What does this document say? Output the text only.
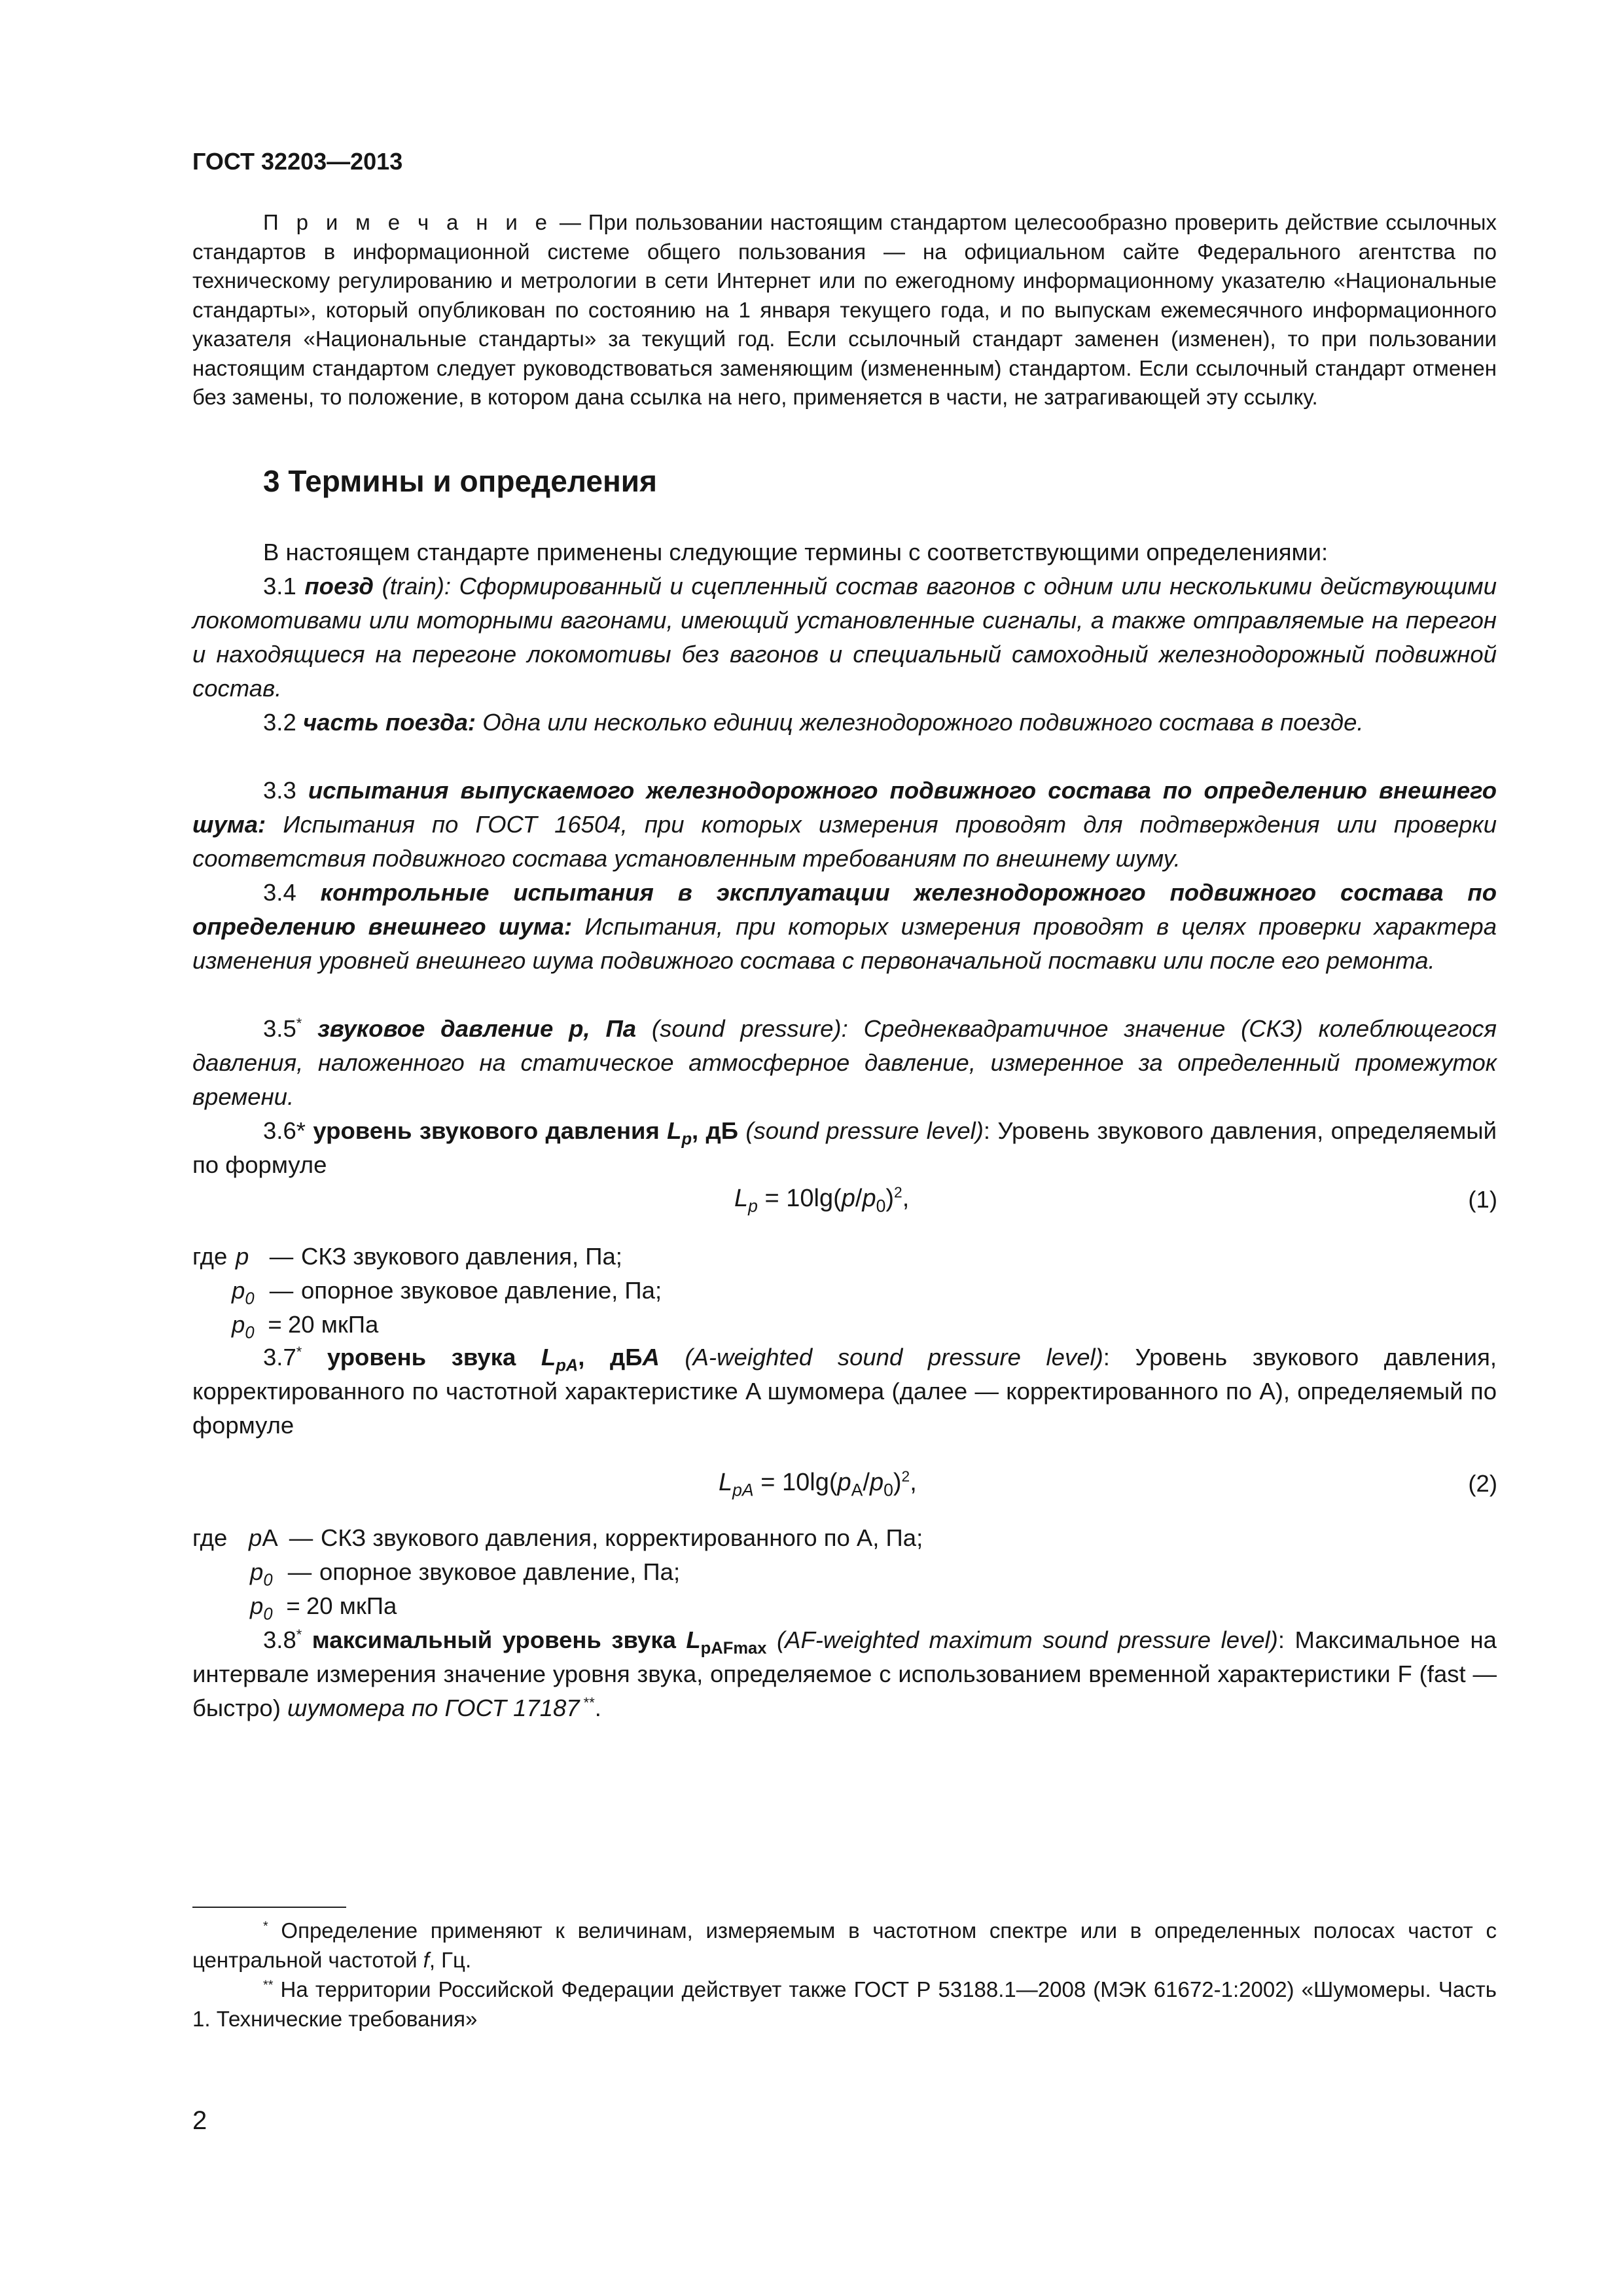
ГОСТ 32203—2013
П р и м е ч а н и е — При пользовании настоящим стандартом целесообразно проверить действие ссылочных стандартов в информационной системе общего пользования — на официальном сайте Федерального агентства по техническому регулированию и метрологии в сети Интернет или по ежегодному информационному указателю «Национальные стандарты», который опубликован по состоянию на 1 января текущего года, и по выпускам ежемесячного информационного указателя «Национальные стандарты» за текущий год. Если ссылочный стандарт заменен (изменен), то при пользовании настоящим стандартом следует руководствоваться заменяющим (измененным) стандартом. Если ссылочный стандарт отменен без замены, то положение, в котором дана ссылка на него, применяется в части, не затрагивающей эту ссылку.
3 Термины и определения
В настоящем стандарте применены следующие термины с соответствующими определениями:
3.1 поезд (train): Сформированный и сцепленный состав вагонов с одним или несколькими действующими локомотивами или моторными вагонами, имеющий установленные сигналы, а также отправляемые на перегон и находящиеся на перегоне локомотивы без вагонов и специальный самоходный железнодорожный подвижной состав.
3.2 часть поезда: Одна или несколько единиц железнодорожного подвижного состава в поезде.
3.3 испытания выпускаемого железнодорожного подвижного состава по определению внешнего шума: Испытания по ГОСТ 16504, при которых измерения проводят для подтверждения или проверки соответствия подвижного состава установленным требованиям по внешнему шуму.
3.4 контрольные испытания в эксплуатации железнодорожного подвижного состава по определению внешнего шума: Испытания, при которых измерения проводят в целях проверки характера изменения уровней внешнего шума подвижного состава с первоначальной поставки или после его ремонта.
3.5* звуковое давление p, Па (sound pressure): Среднеквадратичное значение (СКЗ) колеблющегося давления, наложенного на статическое атмосферное давление, измеренное за определенный промежуток времени.
3.6* уровень звукового давления $L_p$, дБ (sound pressure level): Уровень звукового давления, определяемый по формуле
$L_p = 10\lg(p/p_0)^2$,	(1)
где p — СКЗ звукового давления, Па;
$p_0$ — опорное звуковое давление, Па;
$p_0 = 20$ мкПа
3.7* уровень звука $L_{pA}$, дБA (A-weighted sound pressure level): Уровень звукового давления, корректированного по частотной характеристике A шумомера (далее — корректированного по A), определяемый по формуле
$L_{pA} = 10\lg(p_A/p_0)^2$,	(2)
где pA — СКЗ звукового давления, корректированного по A, Па;
$p_0$ — опорное звуковое давление, Па;
$p_0 = 20$ мкПа
3.8* максимальный уровень звука $L_{pAFmax}$ (AF-weighted maximum sound pressure level): Максимальное на интервале измерения значение уровня звука, определяемое с использованием временной характеристики F (fast — быстро) шумомера по ГОСТ 17187 **.
* Определение применяют к величинам, измеряемым в частотном спектре или в определенных полосах частот с центральной частотой f, Гц.
** На территории Российской Федерации действует также ГОСТ Р 53188.1—2008 (МЭК 61672-1:2002) «Шумомеры. Часть 1. Технические требования»
2
